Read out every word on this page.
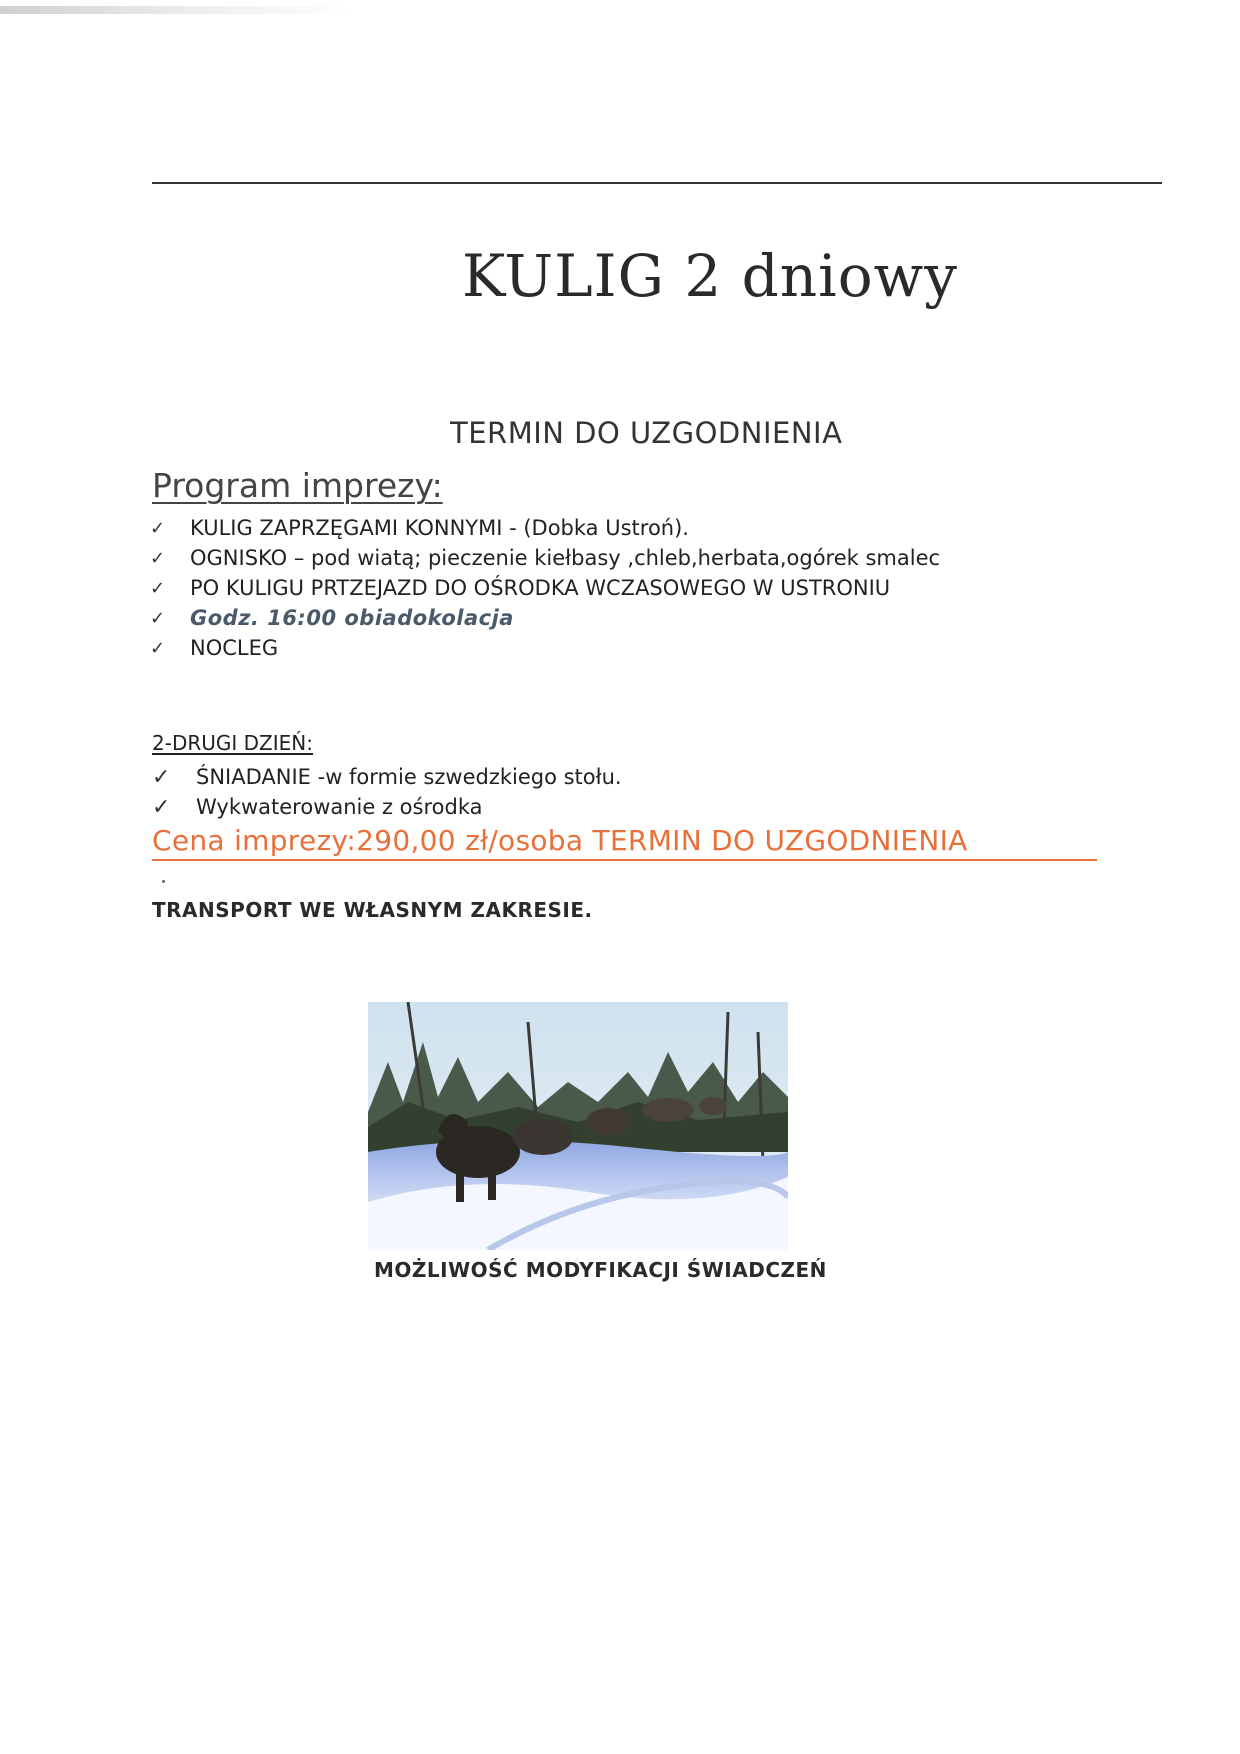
KULIG 2 dniowy
TERMIN DO UZGODNIENIA
Program imprezy:
✓	KULIG ZAPRZĘGAMI KONNYMI - (Dobka Ustroń).
✓	OGNISKO – pod wiatą; pieczenie kiełbasy ,chleb,herbata,ogórek smalec
✓	PO KULIGU PRTZEJAZD DO OŚRODKA WCZASOWEGO W USTRONIU
✓	Godz. 16:00 obiadokolacja
✓	NOCLEG
2-DRUGI DZIEŃ:
✓	ŚNIADANIE -w formie szwedzkiego stołu.
✓	Wykwaterowanie z ośrodka
Cena imprezy:290,00 zł/osoba TERMIN DO UZGODNIENIA
TRANSPORT WE WŁASNYM ZAKRESIE.
MOŻLIWOŚĆ MODYFIKACJI ŚWIADCZEŃ
